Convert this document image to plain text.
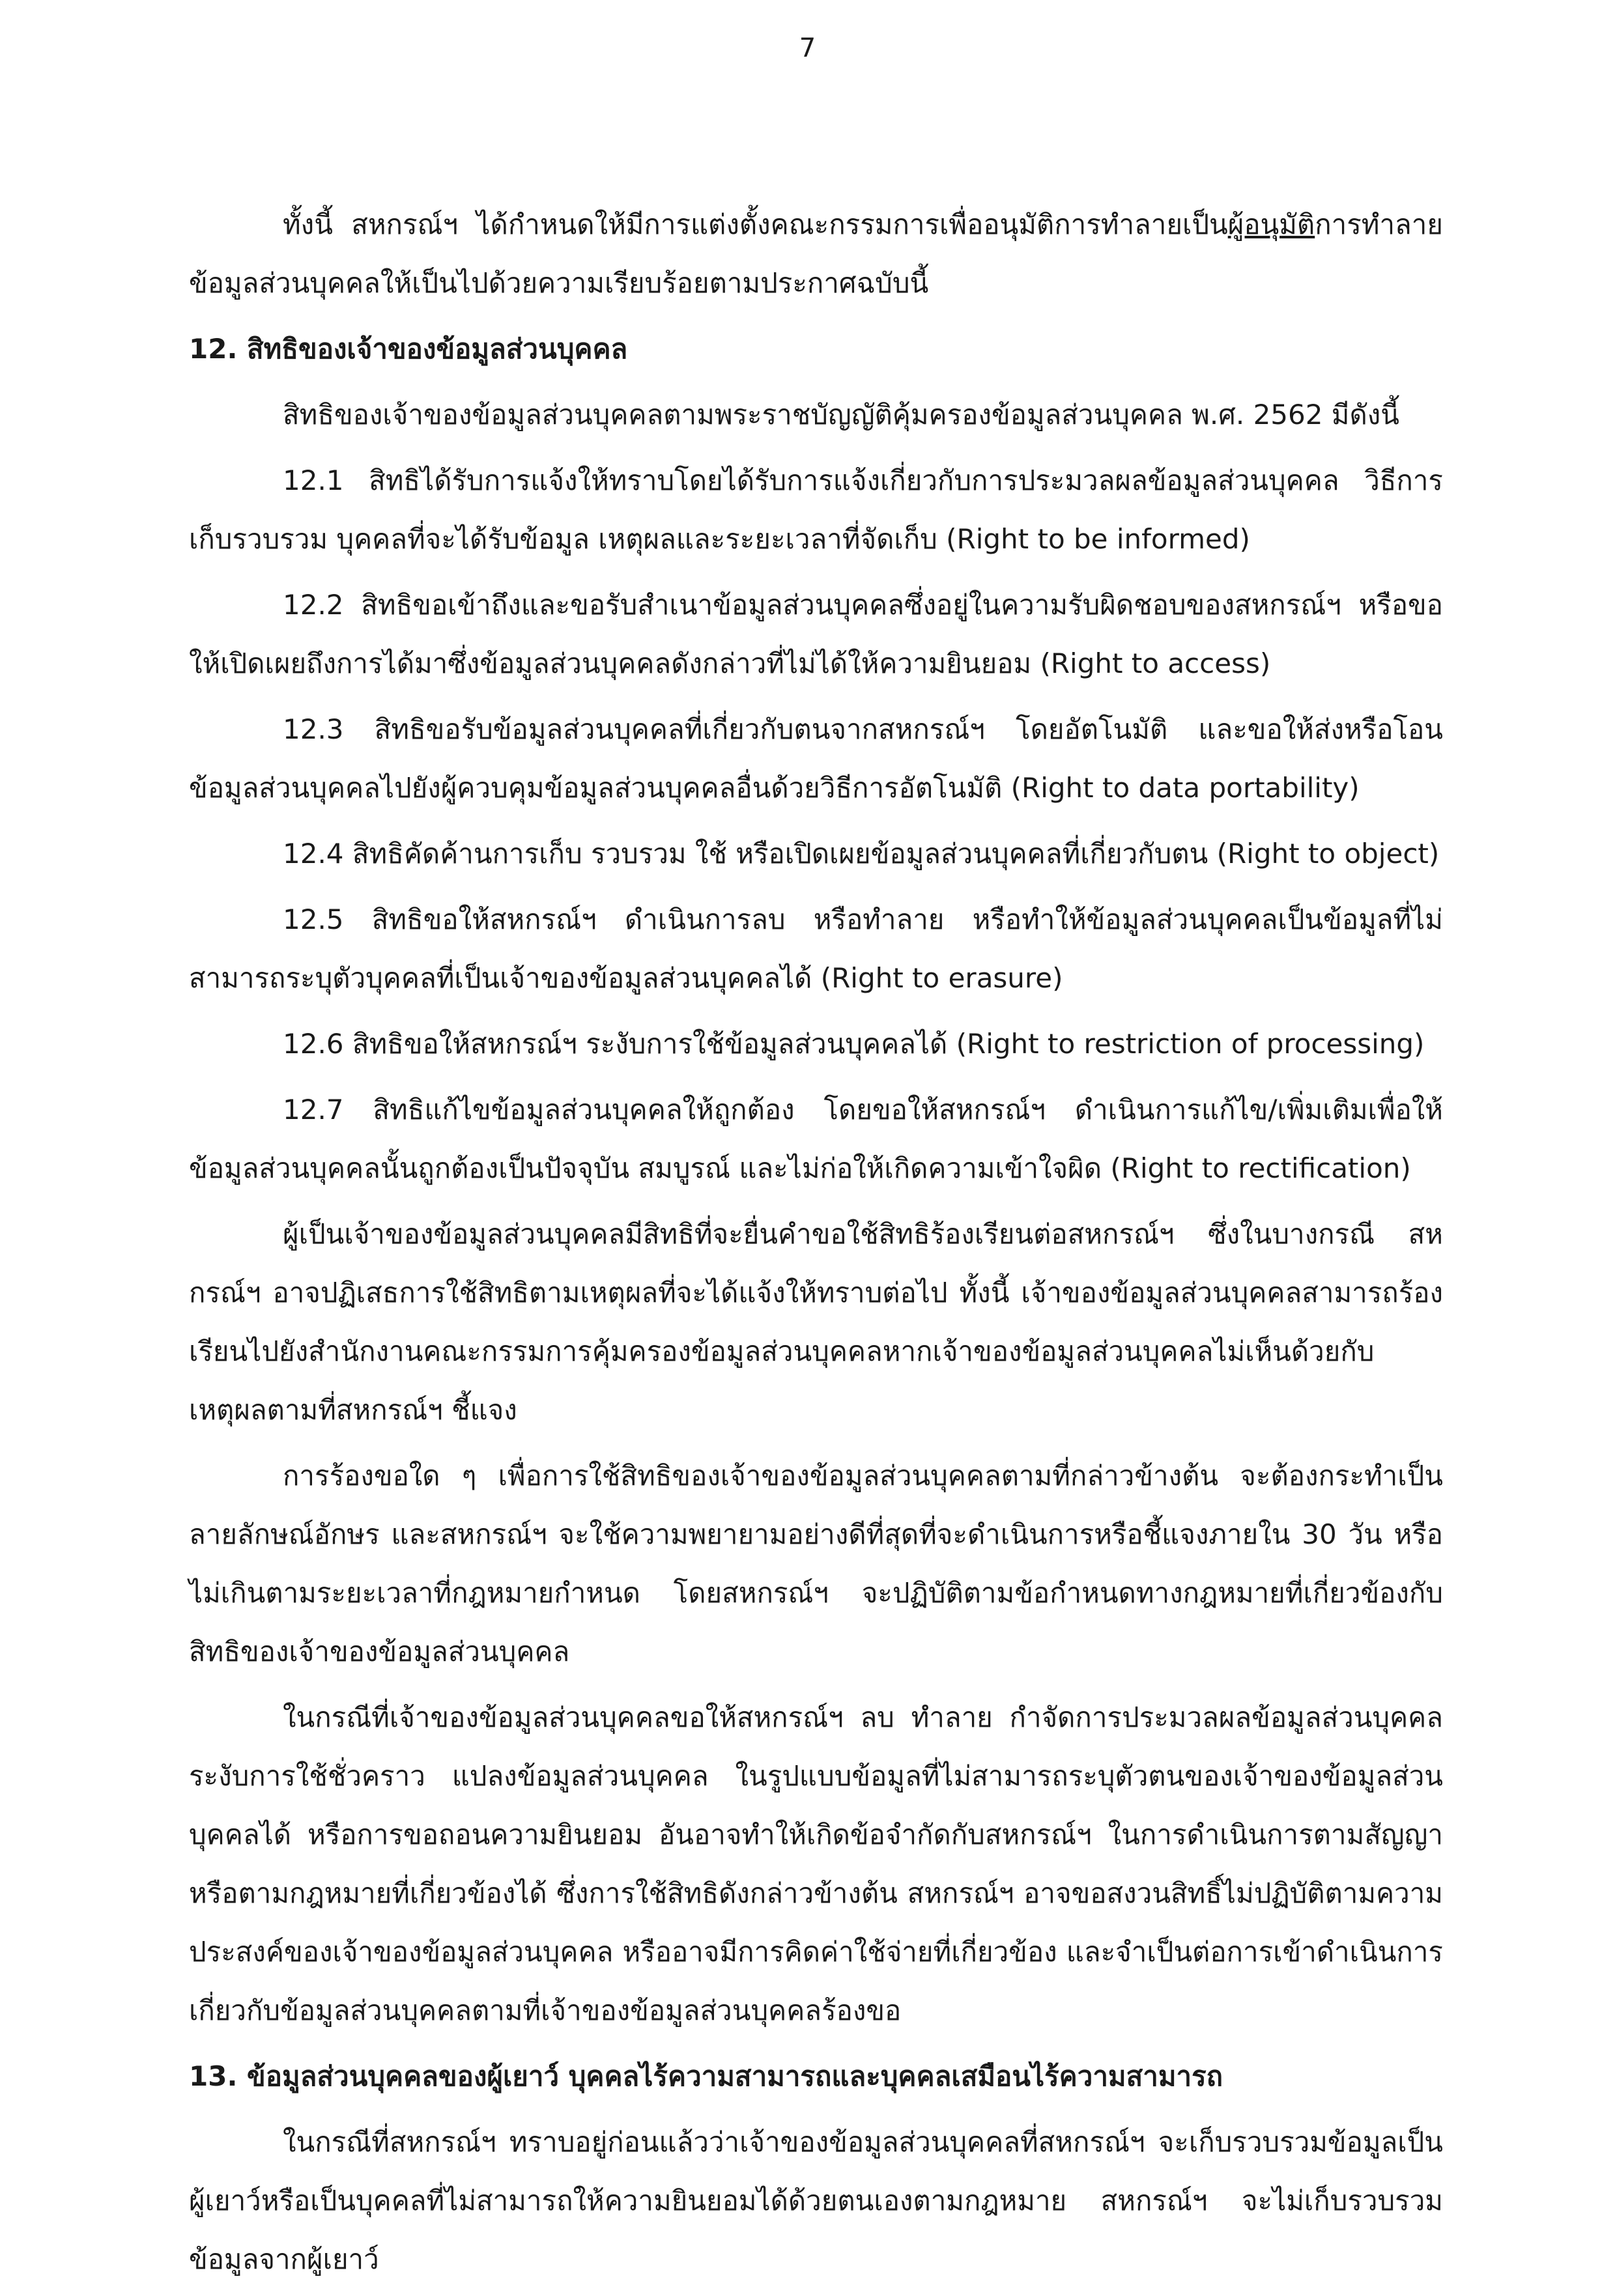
7

ทั้งนี้ สหกรณ์ฯ ได้กำหนดให้มีการแต่งตั้งคณะกรรมการเพื่ออนุมัติการทำลายเป็นผู้อนุมัติการทำลายข้อมูลส่วนบุคคลให้เป็นไปด้วยความเรียบร้อยตามประกาศฉบับนี้

12. สิทธิของเจ้าของข้อมูลส่วนบุคคล

สิทธิของเจ้าของข้อมูลส่วนบุคคลตามพระราชบัญญัติคุ้มครองข้อมูลส่วนบุคคล พ.ศ. 2562 มีดังนี้

12.1 สิทธิได้รับการแจ้งให้ทราบโดยได้รับการแจ้งเกี่ยวกับการประมวลผลข้อมูลส่วนบุคคล วิธีการเก็บรวบรวม บุคคลที่จะได้รับข้อมูล เหตุผลและระยะเวลาที่จัดเก็บ (Right to be informed)

12.2 สิทธิขอเข้าถึงและขอรับสำเนาข้อมูลส่วนบุคคลซึ่งอยู่ในความรับผิดชอบของสหกรณ์ฯ หรือขอให้เปิดเผยถึงการได้มาซึ่งข้อมูลส่วนบุคคลดังกล่าวที่ไม่ได้ให้ความยินยอม (Right to access)

12.3 สิทธิขอรับข้อมูลส่วนบุคคลที่เกี่ยวกับตนจากสหกรณ์ฯ โดยอัตโนมัติ และขอให้ส่งหรือโอนข้อมูลส่วนบุคคลไปยังผู้ควบคุมข้อมูลส่วนบุคคลอื่นด้วยวิธีการอัตโนมัติ (Right to data portability)

12.4 สิทธิคัดค้านการเก็บ รวบรวม ใช้ หรือเปิดเผยข้อมูลส่วนบุคคลที่เกี่ยวกับตน (Right to object)

12.5 สิทธิขอให้สหกรณ์ฯ ดำเนินการลบ หรือทำลาย หรือทำให้ข้อมูลส่วนบุคคลเป็นข้อมูลที่ไม่สามารถระบุตัวบุคคลที่เป็นเจ้าของข้อมูลส่วนบุคคลได้ (Right to erasure)

12.6 สิทธิขอให้สหกรณ์ฯ ระงับการใช้ข้อมูลส่วนบุคคลได้ (Right to restriction of processing)

12.7 สิทธิแก้ไขข้อมูลส่วนบุคคลให้ถูกต้อง โดยขอให้สหกรณ์ฯ ดำเนินการแก้ไข/เพิ่มเติมเพื่อให้ข้อมูลส่วนบุคคลนั้นถูกต้องเป็นปัจจุบัน สมบูรณ์ และไม่ก่อให้เกิดความเข้าใจผิด (Right to rectification)

ผู้เป็นเจ้าของข้อมูลส่วนบุคคลมีสิทธิที่จะยื่นคำขอใช้สิทธิร้องเรียนต่อสหกรณ์ฯ ซึ่งในบางกรณี สหกรณ์ฯ อาจปฏิเสธการใช้สิทธิตามเหตุผลที่จะได้แจ้งให้ทราบต่อไป ทั้งนี้ เจ้าของข้อมูลส่วนบุคคลสามารถร้องเรียนไปยังสำนักงานคณะกรรมการคุ้มครองข้อมูลส่วนบุคคลหากเจ้าของข้อมูลส่วนบุคคลไม่เห็นด้วยกับเหตุผลตามที่สหกรณ์ฯ ชี้แจง

การร้องขอใด ๆ เพื่อการใช้สิทธิของเจ้าของข้อมูลส่วนบุคคลตามที่กล่าวข้างต้น จะต้องกระทำเป็นลายลักษณ์อักษร และสหกรณ์ฯ จะใช้ความพยายามอย่างดีที่สุดที่จะดำเนินการหรือชี้แจงภายใน 30 วัน หรือไม่เกินตามระยะเวลาที่กฎหมายกำหนด โดยสหกรณ์ฯ จะปฏิบัติตามข้อกำหนดทางกฎหมายที่เกี่ยวข้องกับสิทธิของเจ้าของข้อมูลส่วนบุคคล

ในกรณีที่เจ้าของข้อมูลส่วนบุคคลขอให้สหกรณ์ฯ ลบ ทำลาย กำจัดการประมวลผลข้อมูลส่วนบุคคล ระงับการใช้ชั่วคราว แปลงข้อมูลส่วนบุคคล ในรูปแบบข้อมูลที่ไม่สามารถระบุตัวตนของเจ้าของข้อมูลส่วนบุคคลได้ หรือการขอถอนความยินยอม อันอาจทำให้เกิดข้อจำกัดกับสหกรณ์ฯ ในการดำเนินการตามสัญญาหรือตามกฎหมายที่เกี่ยวข้องได้ ซึ่งการใช้สิทธิดังกล่าวข้างต้น สหกรณ์ฯ อาจขอสงวนสิทธิ์ไม่ปฏิบัติตามความประสงค์ของเจ้าของข้อมูลส่วนบุคคล หรืออาจมีการคิดค่าใช้จ่ายที่เกี่ยวข้อง และจำเป็นต่อการเข้าดำเนินการเกี่ยวกับข้อมูลส่วนบุคคลตามที่เจ้าของข้อมูลส่วนบุคคลร้องขอ

13. ข้อมูลส่วนบุคคลของผู้เยาว์ บุคคลไร้ความสามารถและบุคคลเสมือนไร้ความสามารถ

ในกรณีที่สหกรณ์ฯ ทราบอยู่ก่อนแล้วว่าเจ้าของข้อมูลส่วนบุคคลที่สหกรณ์ฯ จะเก็บรวบรวมข้อมูลเป็นผู้เยาว์หรือเป็นบุคคลที่ไม่สามารถให้ความยินยอมได้ด้วยตนเองตามกฎหมาย สหกรณ์ฯ จะไม่เก็บรวบรวมข้อมูลจากผู้เยาว์
